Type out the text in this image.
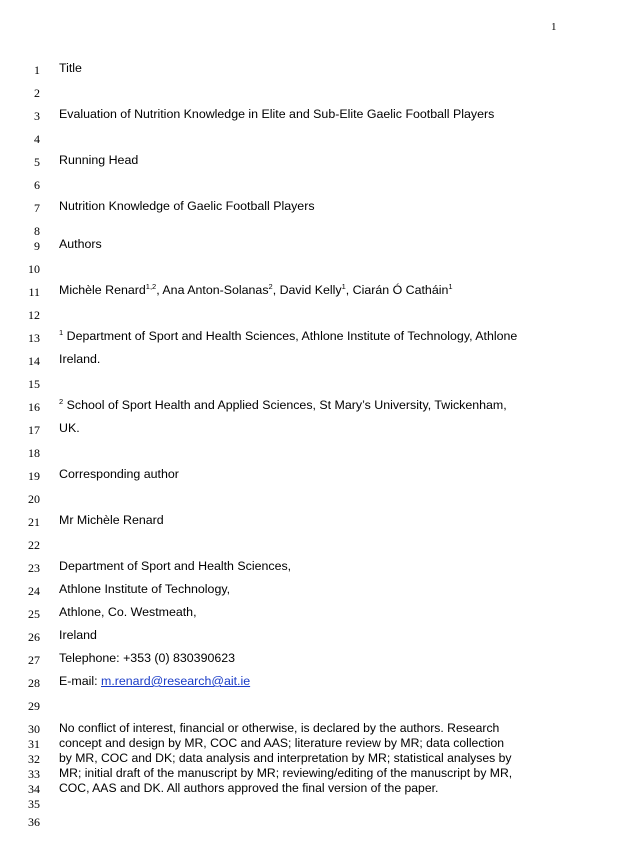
1
1
2
3
4
5
6
7
8
9
10
11
12
13
14
15
16
17
18
19
20
21
22
23
24
25
26
27
28
29
30
31
32
33
34
35
36
Title
Evaluation of Nutrition Knowledge in Elite and Sub-Elite Gaelic Football Players
Running Head
Nutrition Knowledge of Gaelic Football Players
Authors
Michèle Renard$^{1,2}$, Ana Anton-Solanas$^2$, David Kelly$^1$, Ciarán Ó Catháin$^1$
$^1$ Department of Sport and Health Sciences, Athlone Institute of Technology, Athlone
Ireland.
$^2$ School of Sport Health and Applied Sciences, St Mary’s University, Twickenham,
UK.
Corresponding author
Mr Michèle Renard
Department of Sport and Health Sciences,
Athlone Institute of Technology,
Athlone, Co. Westmeath,
Ireland
Telephone: +353 (0) 830390623
E-mail: m.renard@research@ait.ie
No conflict of interest, financial or otherwise, is declared by the authors. Research
concept and design by MR, COC and AAS; literature review by MR; data collection
by MR, COC and DK; data analysis and interpretation by MR; statistical analyses by
MR; initial draft of the manuscript by MR; reviewing/editing of the manuscript by MR,
COC, AAS and DK. All authors approved the final version of the paper.
